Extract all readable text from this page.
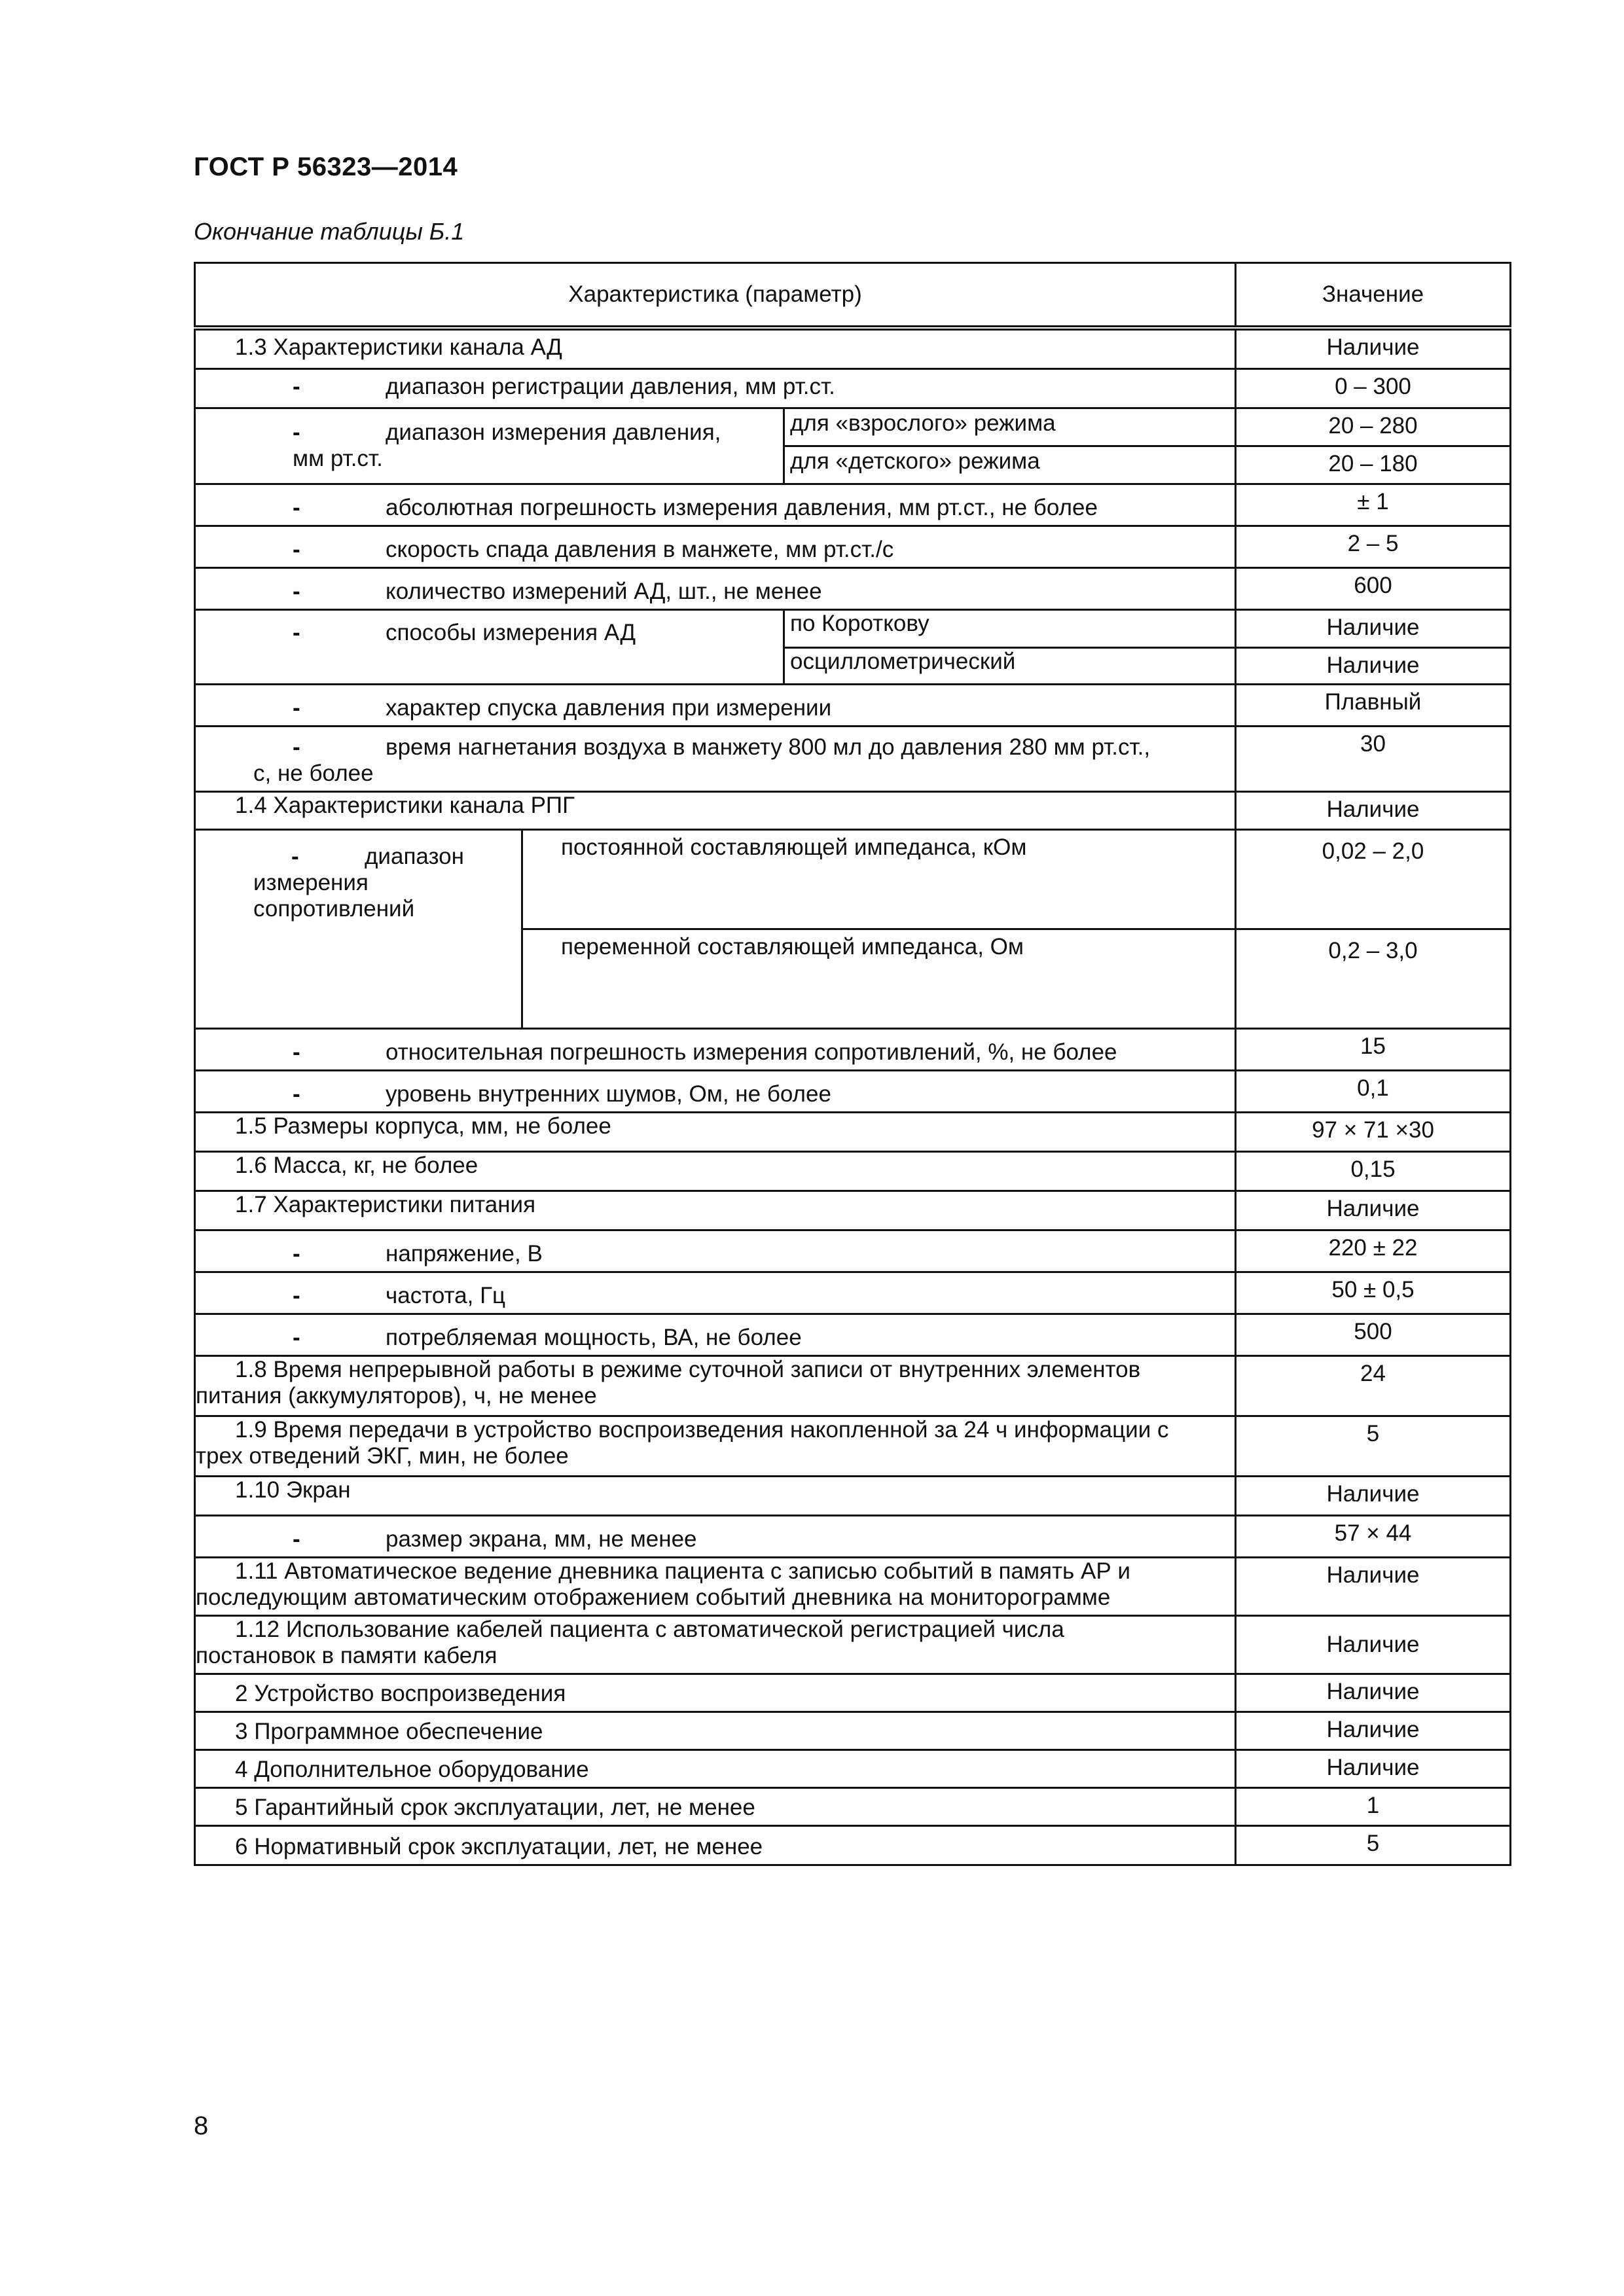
ГОСТ Р 56323—2014
Окончание таблицы Б.1
Характеристика (параметр)			Значение
1.3 Характеристики канала АД			Наличие
- диапазон регистрации давления, мм рт.ст.			0 – 300
- диапазон измерения давления,
мм рт.ст.		для «взрослого» режима	20 – 280
		для «детского» режима	20 – 180
- абсолютная погрешность измерения давления, мм рт.ст., не более			± 1
- скорость спада давления в манжете, мм рт.ст./с			2 – 5
- количество измерений АД, шт., не менее			600
- способы измерения АД		по Короткову	Наличие
		осциллометрический	Наличие
- характер спуска давления при измерении			Плавный
- время нагнетания воздуха в манжету 800 мл до давления 280 мм рт.ст.,
с, не более			30
1.4 Характеристики канала РПГ			Наличие
- диапазон
измерения
сопротивлений	постоянной составляющей импеданса, кОм		0,02 – 2,0
	переменной составляющей импеданса, Ом		0,2 – 3,0
- относительная погрешность измерения сопротивлений, %, не более			15
- уровень внутренних шумов, Ом, не более			0,1
1.5 Размеры корпуса, мм, не более			97 × 71 ×30
1.6 Масса, кг, не более			0,15
1.7 Характеристики питания			Наличие
- напряжение, В			220 ± 22
- частота, Гц			50 ± 0,5
- потребляемая мощность, ВА, не более			500
1.8 Время непрерывной работы в режиме суточной записи от внутренних элементов
питания (аккумуляторов), ч, не менее			24
1.9 Время передачи в устройство воспроизведения накопленной за 24 ч информации с
трех отведений ЭКГ, мин, не более			5
1.10 Экран			Наличие
- размер экрана, мм, не менее			57 × 44
1.11 Автоматическое ведение дневника пациента с записью событий в память АР и
последующим автоматическим отображением событий дневника на мониторограмме			Наличие
1.12 Использование кабелей пациента с автоматической регистрацией числа
постановок в памяти кабеля			Наличие
2 Устройство воспроизведения			Наличие
3 Программное обеспечение			Наличие
4 Дополнительное оборудование			Наличие
5 Гарантийный срок эксплуатации, лет, не менее			1
6 Нормативный срок эксплуатации, лет, не менее			5
8
